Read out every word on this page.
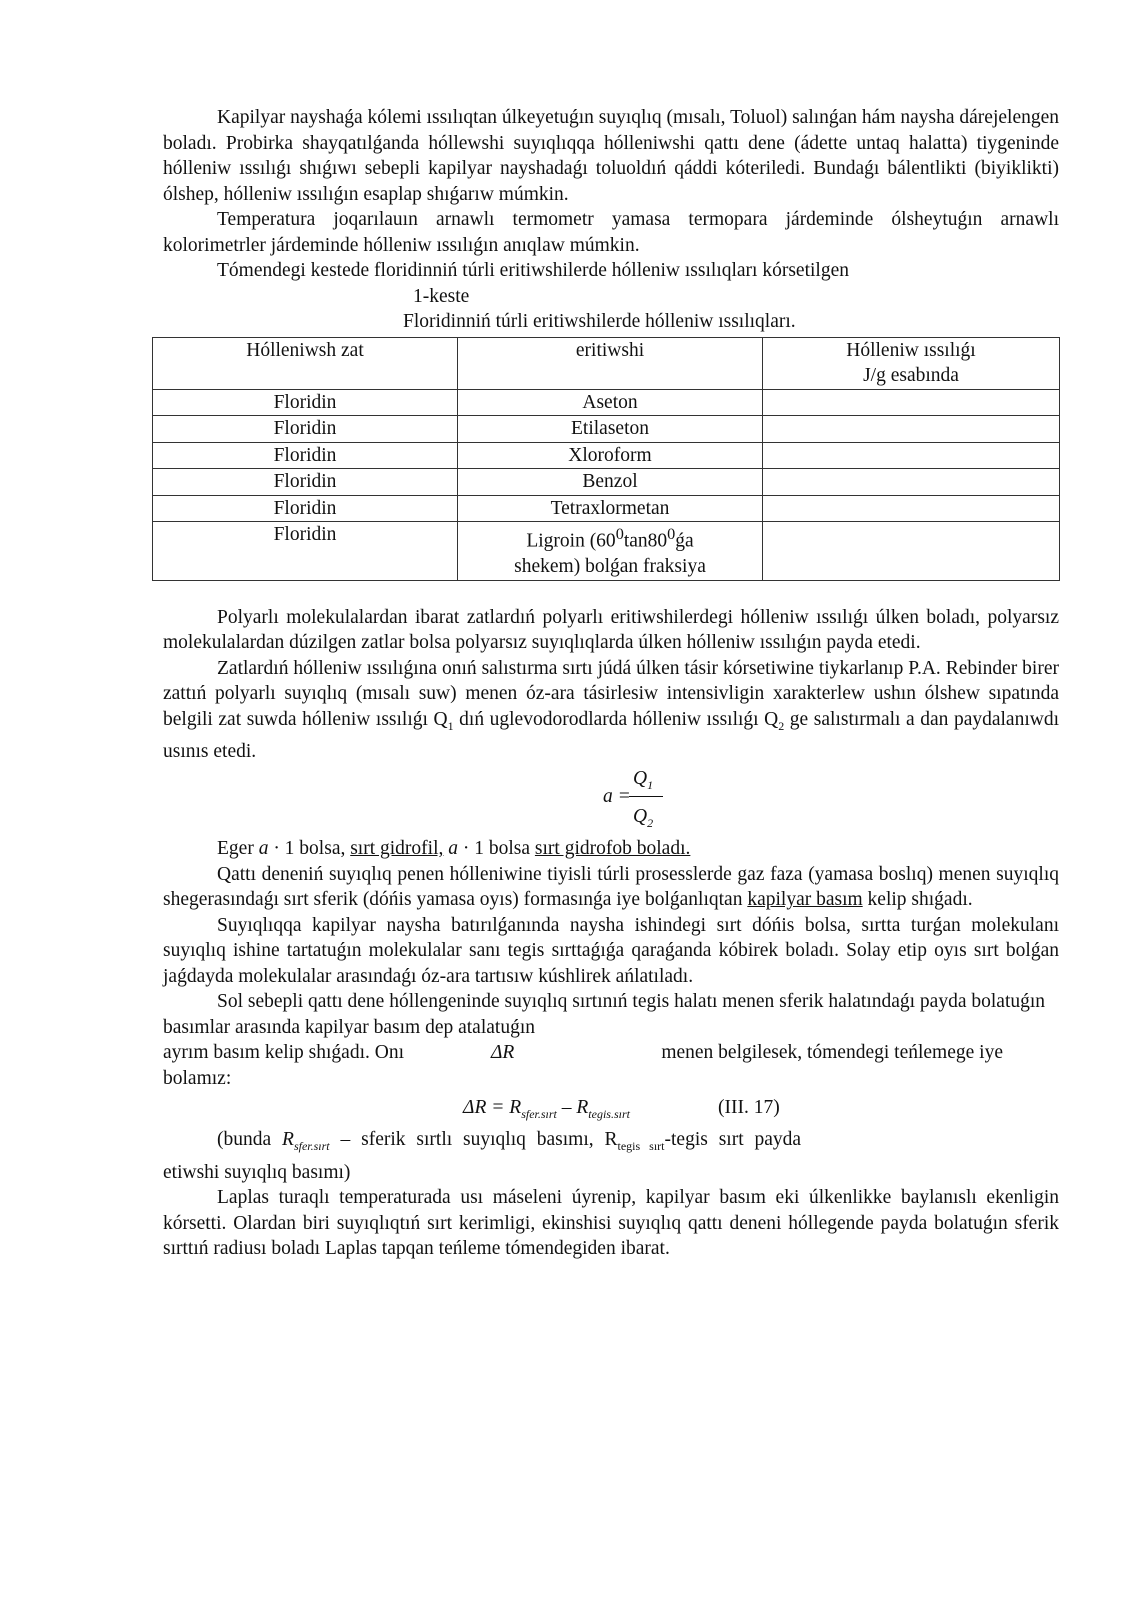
Kapilyar nayshaǵa kólemi ıssılıqtan úlkeyetuǵın suyıqlıq (mısalı, Toluol) salınǵan hám naysha dárejelengen boladı. Probirka shayqatılǵanda hóllewshi suyıqlıqqa hólleniwshi qattı dene (ádette untaq halatta) tiygeninde hólleniw ıssılıǵı shıǵıwı sebepli kapilyar nayshadaǵı toluoldıń qáddi kóteriledi. Bundaǵı bálentlikti (biyiklikti) ólshep, hólleniw ıssılıǵın esaplap shıǵarıw múmkin.

Temperatura joqarılauın arnawlı termometr yamasa termopara járdeminde ólsheytuǵın arnawlı kolorimetrler járdeminde hólleniw ıssılıǵın anıqlaw múmkin.

Tómendegi kestede floridinniń túrli eritiwshilerde hólleniw ıssılıqları kórsetilgen

1-keste

Floridinniń túrli eritiwshilerde hólleniw ıssılıqları.

Hólleniwsh zat	eritiwshi	Hólleniw ıssılıǵı
J/g esabında
Floridin	Aseton	
Floridin	Etilaseton	
Floridin	Xloroform	
Floridin	Benzol	
Floridin	Tetraxlormetan	
Floridin	Ligroin ($60^0\tan 80^0ǵa$
shekem) bolǵan fraksiya	

Polyarlı molekulalardan ibarat zatlardıń polyarlı eritiwshilerdegi hólleniw ıssılıǵı úlken boladı, polyarsız molekulalardan dúzilgen zatlar bolsa polyarsız suyıqlıqlarda úlken hólleniw ıssılıǵın payda etedi.

Zatlardıń hólleniw ıssılıǵına onıń salıstırma sırtı júdá úlken tásir kórsetiwine tiykarlanıp P.A. Rebinder birer zattıń polyarlı suyıqlıq (mısalı suw) menen óz-ara tásirlesiw intensivligin xarakterlew ushın ólshew sıpatında belgili zat suwda hólleniw ıssılıǵı $Q_1$ dıń uglevodorodlarda hólleniw ıssılıǵı $Q_2$ ge salıstırmalı a dan paydalanıwdı usınıs etedi.

a =
$Q_1$
$Q_2$

Eger a · 1 bolsa, sırt gidrofil, a · 1 bolsa sırt gidrofob boladı.

Qattı deneniń suyıqlıq penen hólleniwine tiyisli túrli prosesslerde gaz faza (yamasa boslıq) menen suyıqlıq shegerasındaǵı sırt sferik (dóńis yamasa oyıs) formasınǵa iye bolǵanlıqtan kapilyar basım kelip shıǵadı.

Suyıqlıqqa kapilyar naysha batırılǵanında naysha ishindegi sırt dóńis bolsa, sırtta turǵan molekulanı suyıqlıq ishine tartatuǵın molekulalar sanı tegis sırttaǵıǵa qaraǵanda kóbirek boladı. Solay etip oyıs sırt bolǵan jaǵdayda molekulalar arasındaǵı óz-ara tartısıw kúshlirek ańlatıladı.

Sol sebepli qattı dene hóllengeninde suyıqlıq sırtınıń tegis halatı menen sferik halatındaǵı payda bolatuǵın basımlar arasında kapilyar basım dep atalatuǵın

ayrım basım kelip shıǵadı. Onı	ΔR	menen belgilesek, tómendegi teńlemege iye

bolamız:

$\Delta R = R_{sfer.sırt} - R_{tegis.sırt}$	(III. 17)

(bunda $R_{sfer.sırt}$ – sferik sırtlı suyıqlıq basımı, $R_{tegis sırt}$-tegis sırt payda

etiwshi suyıqlıq basımı)

Laplas turaqlı temperaturada usı máseleni úyrenip, kapilyar basım eki úlkenlikke baylanıslı ekenligin kórsetti. Olardan biri suyıqlıqtıń sırt kerimligi, ekinshisi suyıqlıq qattı deneni hóllegende payda bolatuǵın sferik sırttıń radiusı boladı Laplas tapqan teńleme tómendegiden ibarat.
